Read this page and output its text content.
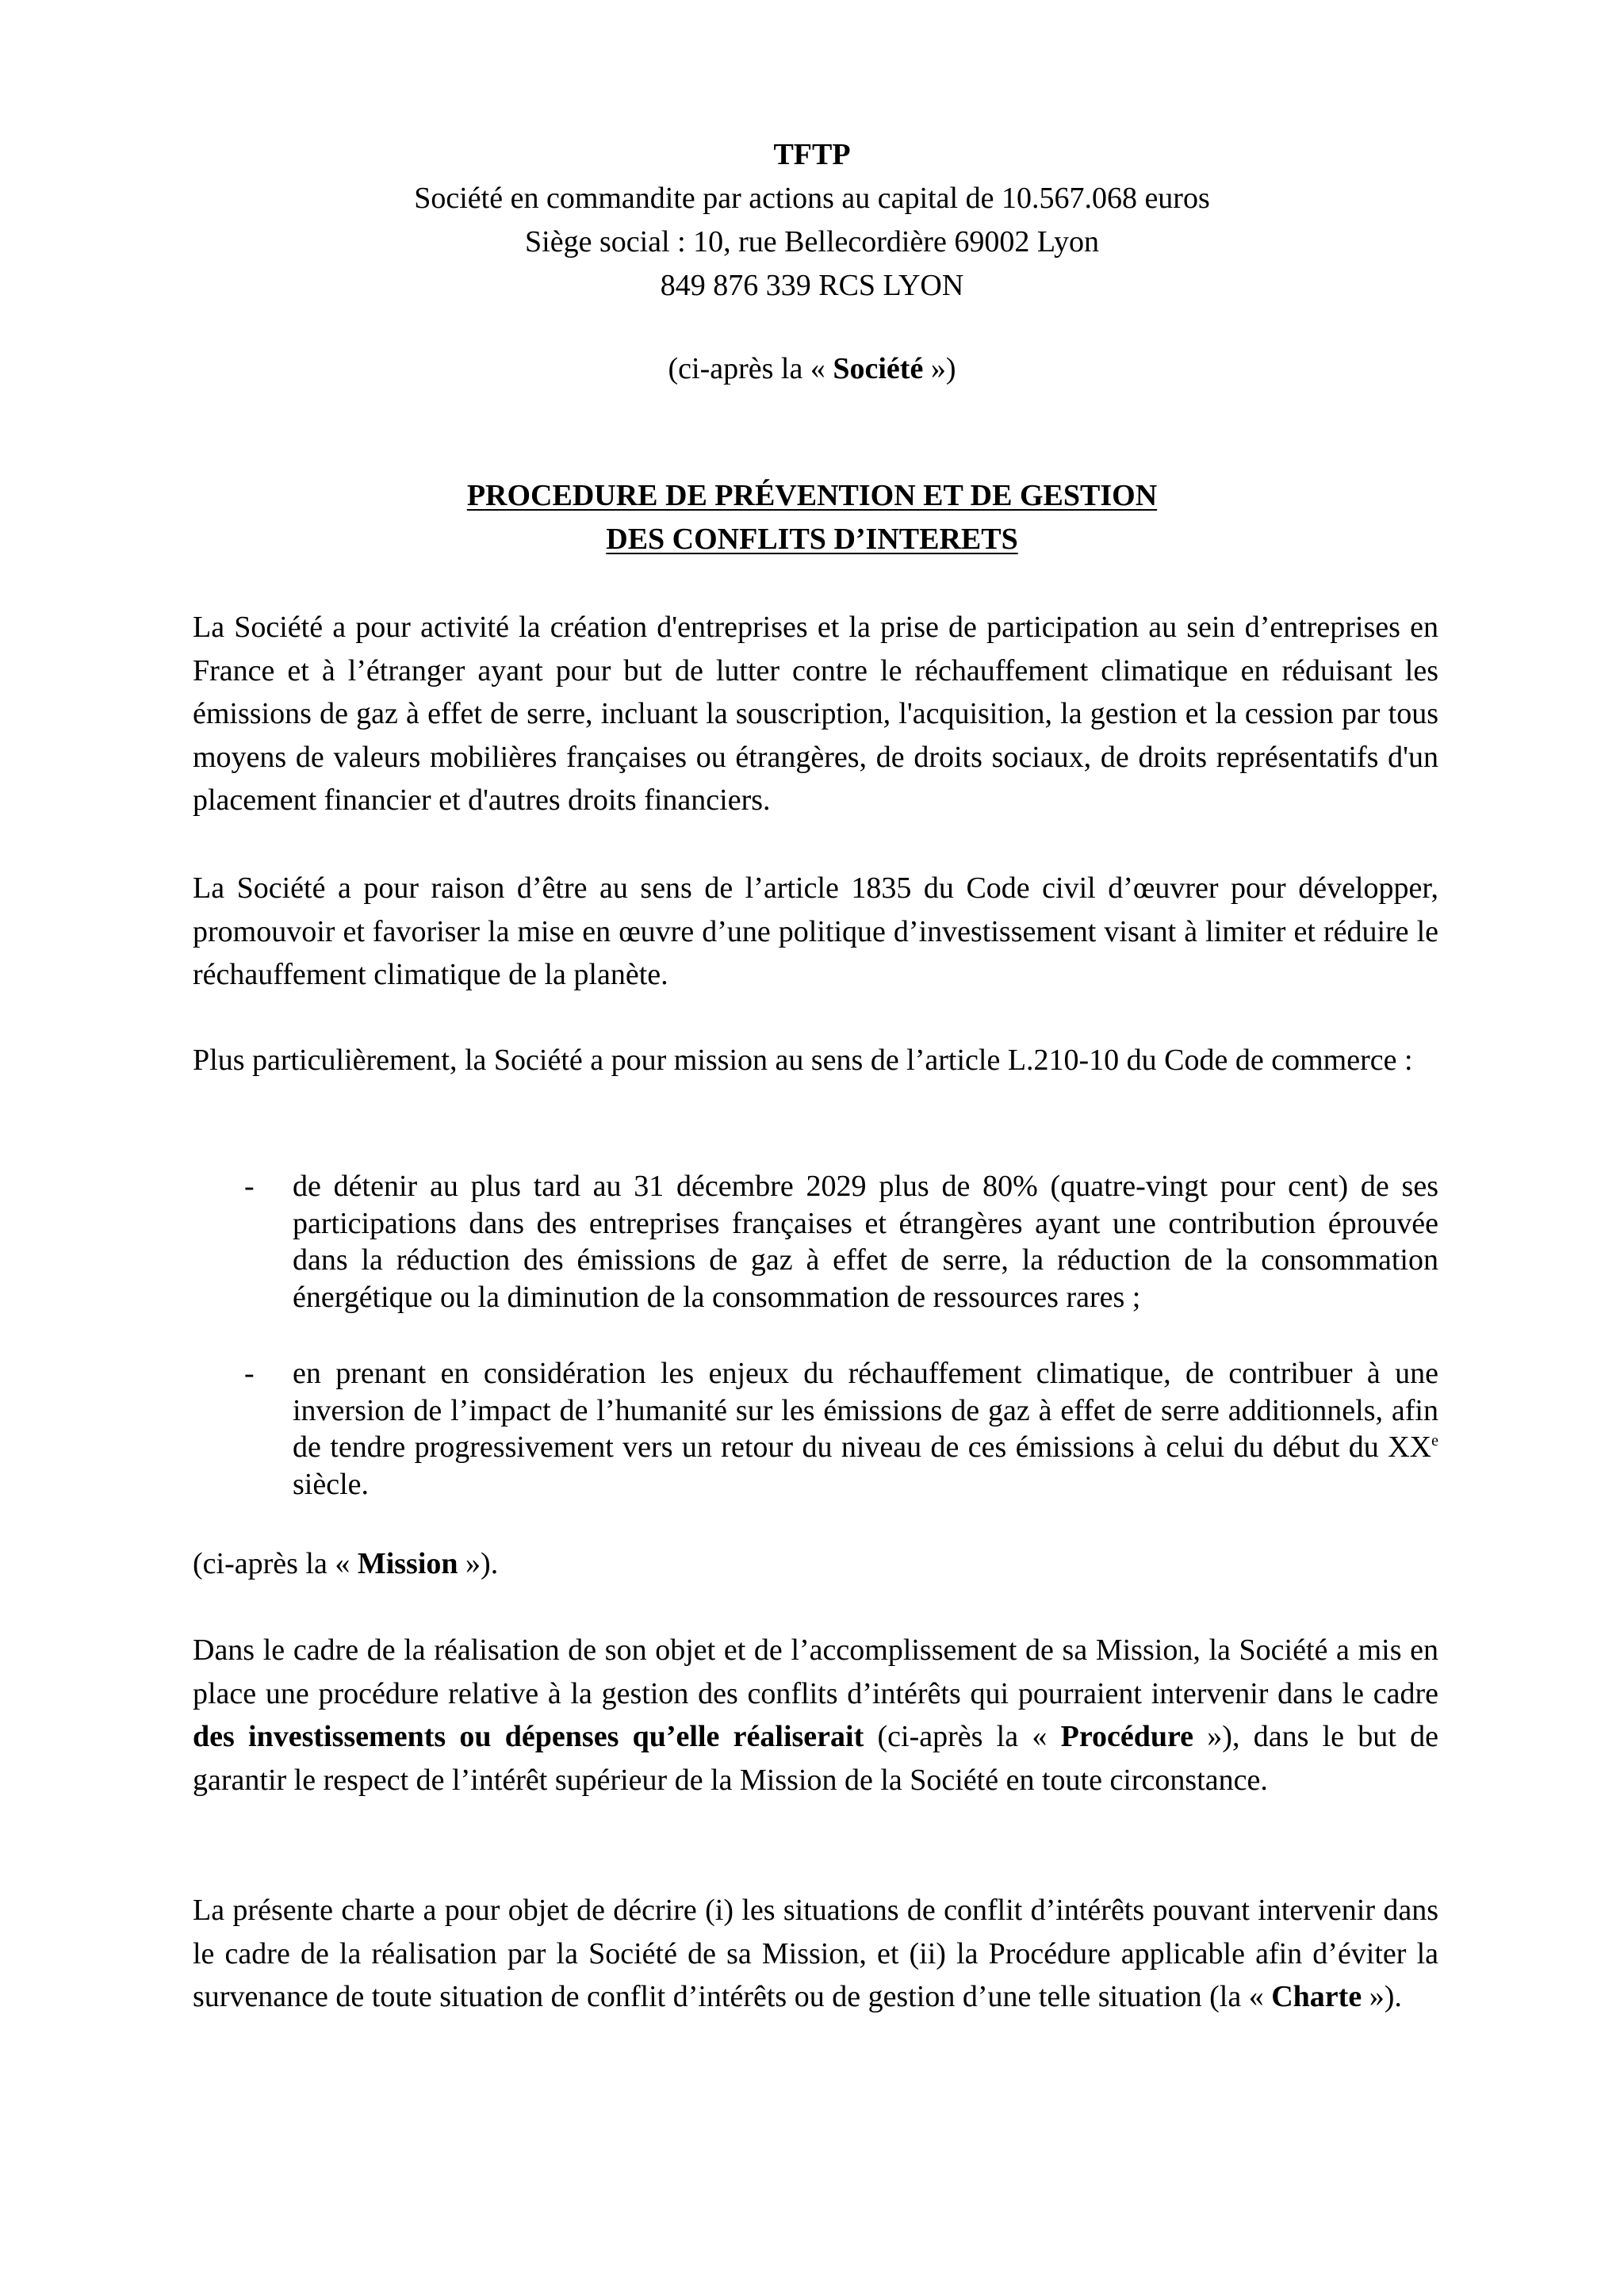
TFTP
Société en commandite par actions au capital de 10.567.068 euros
Siège social : 10, rue Bellecordière 69002 Lyon
849 876 339 RCS LYON
(ci-après la « Société »)
PROCEDURE DE PRÉVENTION ET DE GESTION
DES CONFLITS D’INTERETS

La Société a pour activité la création d'entreprises et la prise de participation au sein d’entreprises en France et à l’étranger ayant pour but de lutter contre le réchauffement climatique en réduisant les émissions de gaz à effet de serre, incluant la souscription, l'acquisition, la gestion et la cession par tous moyens de valeurs mobilières françaises ou étrangères, de droits sociaux, de droits représentatifs d'un placement financier et d'autres droits financiers.

La Société a pour raison d’être au sens de l’article 1835 du Code civil d’œuvrer pour développer, promouvoir et favoriser la mise en œuvre d’une politique d’investissement visant à limiter et réduire le réchauffement climatique de la planète.

Plus particulièrement, la Société a pour mission au sens de l’article L.210-10 du Code de commerce :

- de détenir au plus tard au 31 décembre 2029 plus de 80% (quatre-vingt pour cent) de ses participations dans des entreprises françaises et étrangères ayant une contribution éprouvée dans la réduction des émissions de gaz à effet de serre, la réduction de la consommation énergétique ou la diminution de la consommation de ressources rares ;
- en prenant en considération les enjeux du réchauffement climatique, de contribuer à une inversion de l’impact de l’humanité sur les émissions de gaz à effet de serre additionnels, afin de tendre progressivement vers un retour du niveau de ces émissions à celui du début du XXe siècle.

(ci-après la « Mission »).

Dans le cadre de la réalisation de son objet et de l’accomplissement de sa Mission, la Société a mis en place une procédure relative à la gestion des conflits d’intérêts qui pourraient intervenir dans le cadre des investissements ou dépenses qu’elle réaliserait (ci-après la « Procédure »), dans le but de garantir le respect de l’intérêt supérieur de la Mission de la Société en toute circonstance.

La présente charte a pour objet de décrire (i) les situations de conflit d’intérêts pouvant intervenir dans le cadre de la réalisation par la Société de sa Mission, et (ii) la Procédure applicable afin d’éviter la survenance de toute situation de conflit d’intérêts ou de gestion d’une telle situation (la « Charte »).
